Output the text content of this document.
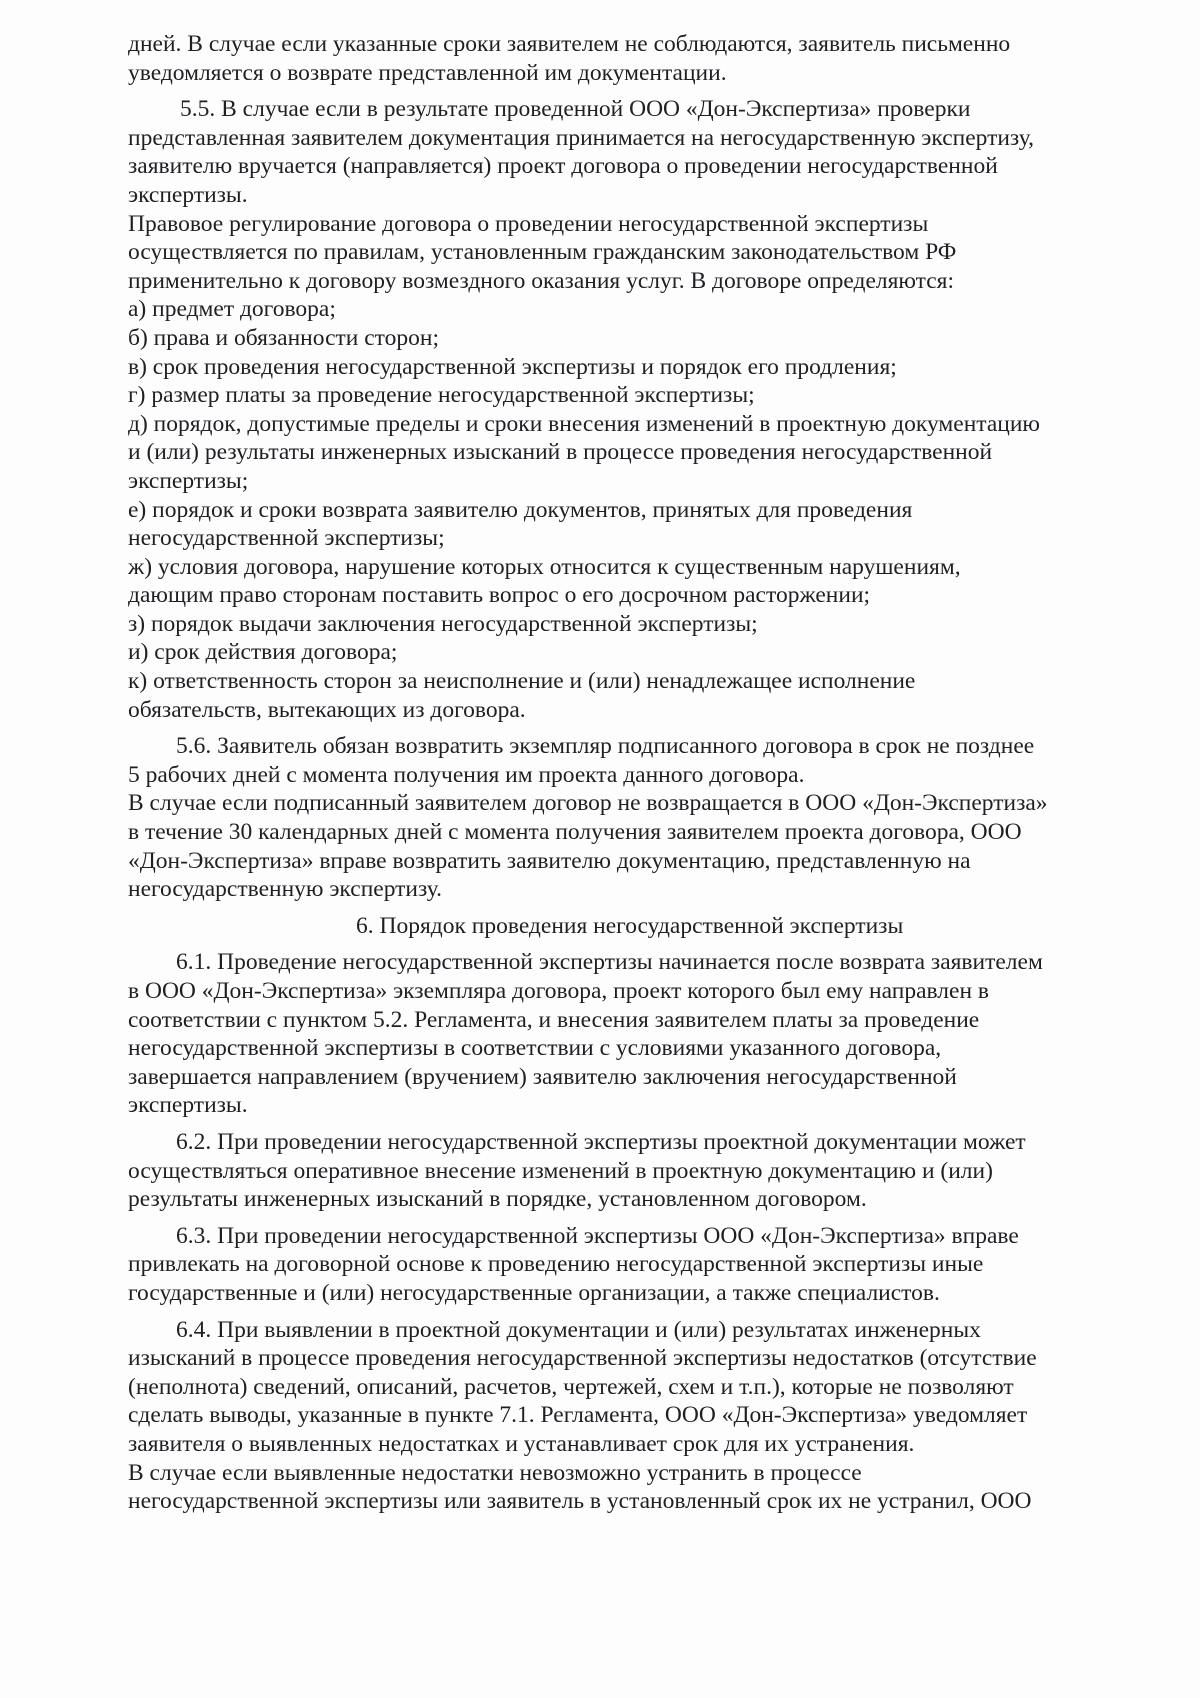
дней. В случае если указанные сроки заявителем не соблюдаются, заявитель письменно
уведомляется о возврате представленной им документации.
5.5. В случае если в результате проведенной ООО «Дон-Экспертиза» проверки
представленная заявителем документация принимается на негосударственную экспертизу,
заявителю вручается (направляется) проект договора о проведении негосударственной
экспертизы.
Правовое регулирование договора о проведении негосударственной экспертизы
осуществляется по правилам, установленным гражданским законодательством РФ
применительно к договору возмездного оказания услуг. В договоре определяются:
а) предмет договора;
б) права и обязанности сторон;
в) срок проведения негосударственной экспертизы и порядок его продления;
г) размер платы за проведение негосударственной экспертизы;
д) порядок, допустимые пределы и сроки внесения изменений в проектную документацию
и (или) результаты инженерных изысканий в процессе проведения негосударственной
экспертизы;
е) порядок и сроки возврата заявителю документов, принятых для проведения
негосударственной экспертизы;
ж) условия договора, нарушение которых относится к существенным нарушениям,
дающим право сторонам поставить вопрос о его досрочном расторжении;
з) порядок выдачи заключения негосударственной экспертизы;
и) срок действия договора;
к) ответственность сторон за неисполнение и (или) ненадлежащее исполнение
обязательств, вытекающих из договора.
5.6. Заявитель обязан возвратить экземпляр подписанного договора в срок не позднее
5 рабочих дней с момента получения им проекта данного договора.
В случае если подписанный заявителем договор не возвращается в ООО «Дон-Экспертиза»
в течение 30 календарных дней с момента получения заявителем проекта договора, ООО
«Дон-Экспертиза» вправе возвратить заявителю документацию, представленную на
негосударственную экспертизу.
6. Порядок проведения негосударственной экспертизы
6.1. Проведение негосударственной экспертизы начинается после возврата заявителем
в ООО «Дон-Экспертиза» экземпляра договора, проект которого был ему направлен в
соответствии с пунктом 5.2. Регламента, и внесения заявителем платы за проведение
негосударственной экспертизы в соответствии с условиями указанного договора,
завершается направлением (вручением) заявителю заключения негосударственной
экспертизы.
6.2. При проведении негосударственной экспертизы проектной документации может
осуществляться оперативное внесение изменений в проектную документацию и (или)
результаты инженерных изысканий в порядке, установленном договором.
6.3. При проведении негосударственной экспертизы ООО «Дон-Экспертиза» вправе
привлекать на договорной основе к проведению негосударственной экспертизы иные
государственные и (или) негосударственные организации, а также специалистов.
6.4. При выявлении в проектной документации и (или) результатах инженерных
изысканий в процессе проведения негосударственной экспертизы недостатков (отсутствие
(неполнота) сведений, описаний, расчетов, чертежей, схем и т.п.), которые не позволяют
сделать выводы, указанные в пункте 7.1. Регламента, ООО «Дон-Экспертиза» уведомляет
заявителя о выявленных недостатках и устанавливает срок для их устранения.
В случае если выявленные недостатки невозможно устранить в процессе
негосударственной экспертизы или заявитель в установленный срок их не устранил, ООО
